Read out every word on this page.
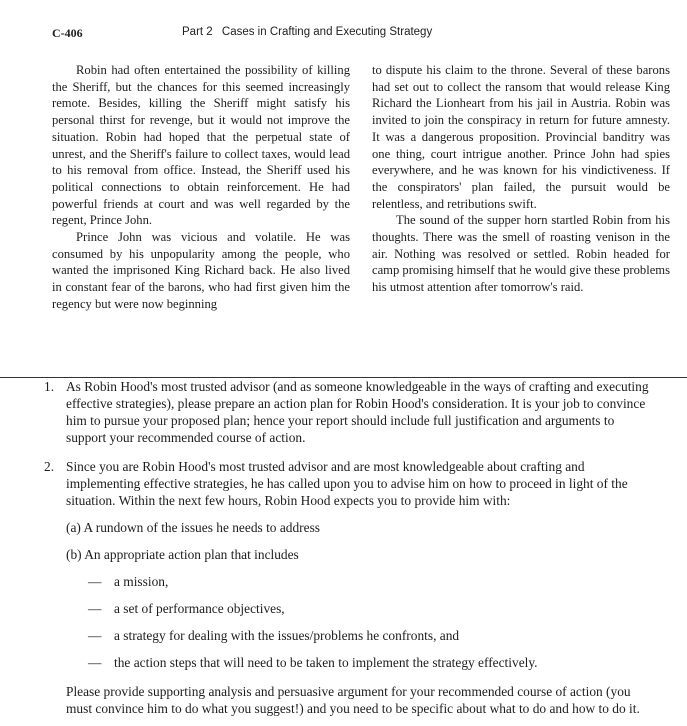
C-406	Part 2 Cases in Crafting and Executing Strategy

Robin had often entertained the possibility of killing the Sheriff, but the chances for this seemed increasingly remote. Besides, killing the Sheriff might satisfy his personal thirst for revenge, but it would not improve the situation. Robin had hoped that the perpetual state of unrest, and the Sheriff's failure to collect taxes, would lead to his removal from office. Instead, the Sheriff used his political connections to obtain reinforcement. He had powerful friends at court and was well regarded by the regent, Prince John.

Prince John was vicious and volatile. He was consumed by his unpopularity among the people, who wanted the imprisoned King Richard back. He also lived in constant fear of the barons, who had first given him the regency but were now beginning

to dispute his claim to the throne. Several of these barons had set out to collect the ransom that would release King Richard the Lionheart from his jail in Austria. Robin was invited to join the conspiracy in return for future amnesty. It was a dangerous proposition. Provincial banditry was one thing, court intrigue another. Prince John had spies everywhere, and he was known for his vindictiveness. If the conspirators' plan failed, the pursuit would be relentless, and retributions swift.

The sound of the supper horn startled Robin from his thoughts. There was the smell of roasting venison in the air. Nothing was resolved or settled. Robin headed for camp promising himself that he would give these problems his utmost attention after tomorrow's raid.

1. As Robin Hood's most trusted advisor (and as someone knowledgeable in the ways of crafting and executing effective strategies), please prepare an action plan for Robin Hood's consideration. It is your job to convince him to pursue your proposed plan; hence your report should include full justification and arguments to support your recommended course of action.
2. Since you are Robin Hood's most trusted advisor and are most knowledgeable about crafting and implementing effective strategies, he has called upon you to advise him on how to proceed in light of the situation. Within the next few hours, Robin Hood expects you to provide him with:
(a) A rundown of the issues he needs to address
(b) An appropriate action plan that includes
— a mission,
— a set of performance objectives,
— a strategy for dealing with the issues/problems he confronts, and
— the action steps that will need to be taken to implement the strategy effectively.
Please provide supporting analysis and persuasive argument for your recommended course of action (you must convince him to do what you suggest!) and you need to be specific about what to do and how to do it.
